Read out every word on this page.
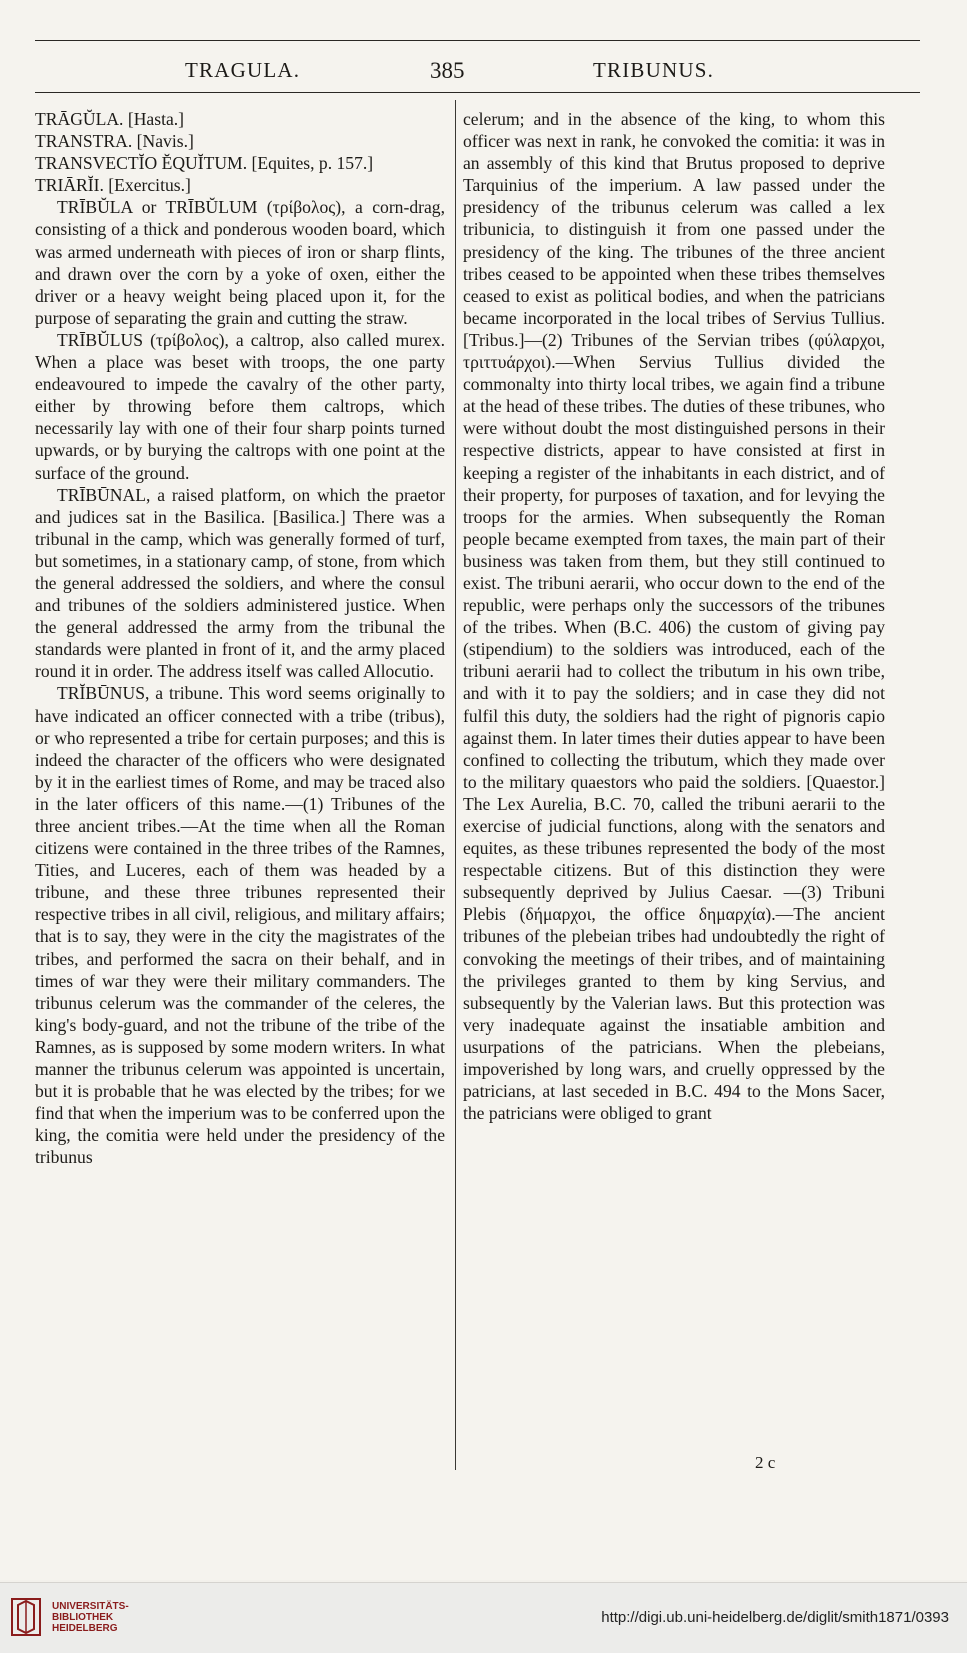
TRAGULA.	385	TRIBUNUS.

TRĀGŬLA. [Hasta.]

TRANSTRA. [Navis.]

TRANSVECTĬO ĔQUĬTUM. [Equites, p. 157.]

TRIĀRĬI. [Exercitus.]

TRĪBŬLA or TRĪBŬLUM (τρίβολος), a corn-drag, consisting of a thick and ponderous wooden board, which was armed underneath with pieces of iron or sharp flints, and drawn over the corn by a yoke of oxen, either the driver or a heavy weight being placed upon it, for the purpose of separating the grain and cutting the straw.

TRĪBŬLUS (τρίβολος), a caltrop, also called murex. When a place was beset with troops, the one party endeavoured to impede the cavalry of the other party, either by throwing before them caltrops, which necessarily lay with one of their four sharp points turned upwards, or by burying the caltrops with one point at the surface of the ground.

TRĪBŪNAL, a raised platform, on which the praetor and judices sat in the Basilica. [Basilica.] There was a tribunal in the camp, which was generally formed of turf, but sometimes, in a stationary camp, of stone, from which the general addressed the soldiers, and where the consul and tribunes of the soldiers administered justice. When the general addressed the army from the tribunal the standards were planted in front of it, and the army placed round it in order. The address itself was called Allocutio.

TRĬBŪNUS, a tribune. This word seems originally to have indicated an officer connected with a tribe (tribus), or who represented a tribe for certain purposes; and this is indeed the character of the officers who were designated by it in the earliest times of Rome, and may be traced also in the later officers of this name.—(1) Tribunes of the three ancient tribes.—At the time when all the Roman citizens were contained in the three tribes of the Ramnes, Tities, and Luceres, each of them was headed by a tribune, and these three tribunes represented their respective tribes in all civil, religious, and military affairs; that is to say, they were in the city the magistrates of the tribes, and performed the sacra on their behalf, and in times of war they were their military commanders. The tribunus celerum was the commander of the celeres, the king's body-guard, and not the tribune of the tribe of the Ramnes, as is supposed by some modern writers. In what manner the tribunus celerum was appointed is uncertain, but it is probable that he was elected by the tribes; for we find that when the imperium was to be conferred upon the king, the comitia were held under the presidency of the tribunus

celerum; and in the absence of the king, to whom this officer was next in rank, he convoked the comitia: it was in an assembly of this kind that Brutus proposed to deprive Tarquinius of the imperium. A law passed under the presidency of the tribunus celerum was called a lex tribunicia, to distinguish it from one passed under the presidency of the king. The tribunes of the three ancient tribes ceased to be appointed when these tribes themselves ceased to exist as political bodies, and when the patricians became incorporated in the local tribes of Servius Tullius. [Tribus.]—(2) Tribunes of the Servian tribes (φύλαρχοι, τριττυάρχοι).—When Servius Tullius divided the commonalty into thirty local tribes, we again find a tribune at the head of these tribes. The duties of these tribunes, who were without doubt the most distinguished persons in their respective districts, appear to have consisted at first in keeping a register of the inhabitants in each district, and of their property, for purposes of taxation, and for levying the troops for the armies. When subsequently the Roman people became exempted from taxes, the main part of their business was taken from them, but they still continued to exist. The tribuni aerarii, who occur down to the end of the republic, were perhaps only the successors of the tribunes of the tribes. When (B.C. 406) the custom of giving pay (stipendium) to the soldiers was introduced, each of the tribuni aerarii had to collect the tributum in his own tribe, and with it to pay the soldiers; and in case they did not fulfil this duty, the soldiers had the right of pignoris capio against them. In later times their duties appear to have been confined to collecting the tributum, which they made over to the military quaestors who paid the soldiers. [Quaestor.] The Lex Aurelia, B.C. 70, called the tribuni aerarii to the exercise of judicial functions, along with the senators and equites, as these tribunes represented the body of the most respectable citizens. But of this distinction they were subsequently deprived by Julius Caesar. —(3) Tribuni Plebis (δήμαρχοι, the office δημαρχία).—The ancient tribunes of the plebeian tribes had undoubtedly the right of convoking the meetings of their tribes, and of maintaining the privileges granted to them by king Servius, and subsequently by the Valerian laws. But this protection was very inadequate against the insatiable ambition and usurpations of the patricians. When the plebeians, impoverished by long wars, and cruelly oppressed by the patricians, at last seceded in B.C. 494 to the Mons Sacer, the patricians were obliged to grant

2 c
UNIVERSITÄTS-
BIBLIOTHEK
HEIDELBERG
http://digi.ub.uni-heidelberg.de/diglit/smith1871/0393
